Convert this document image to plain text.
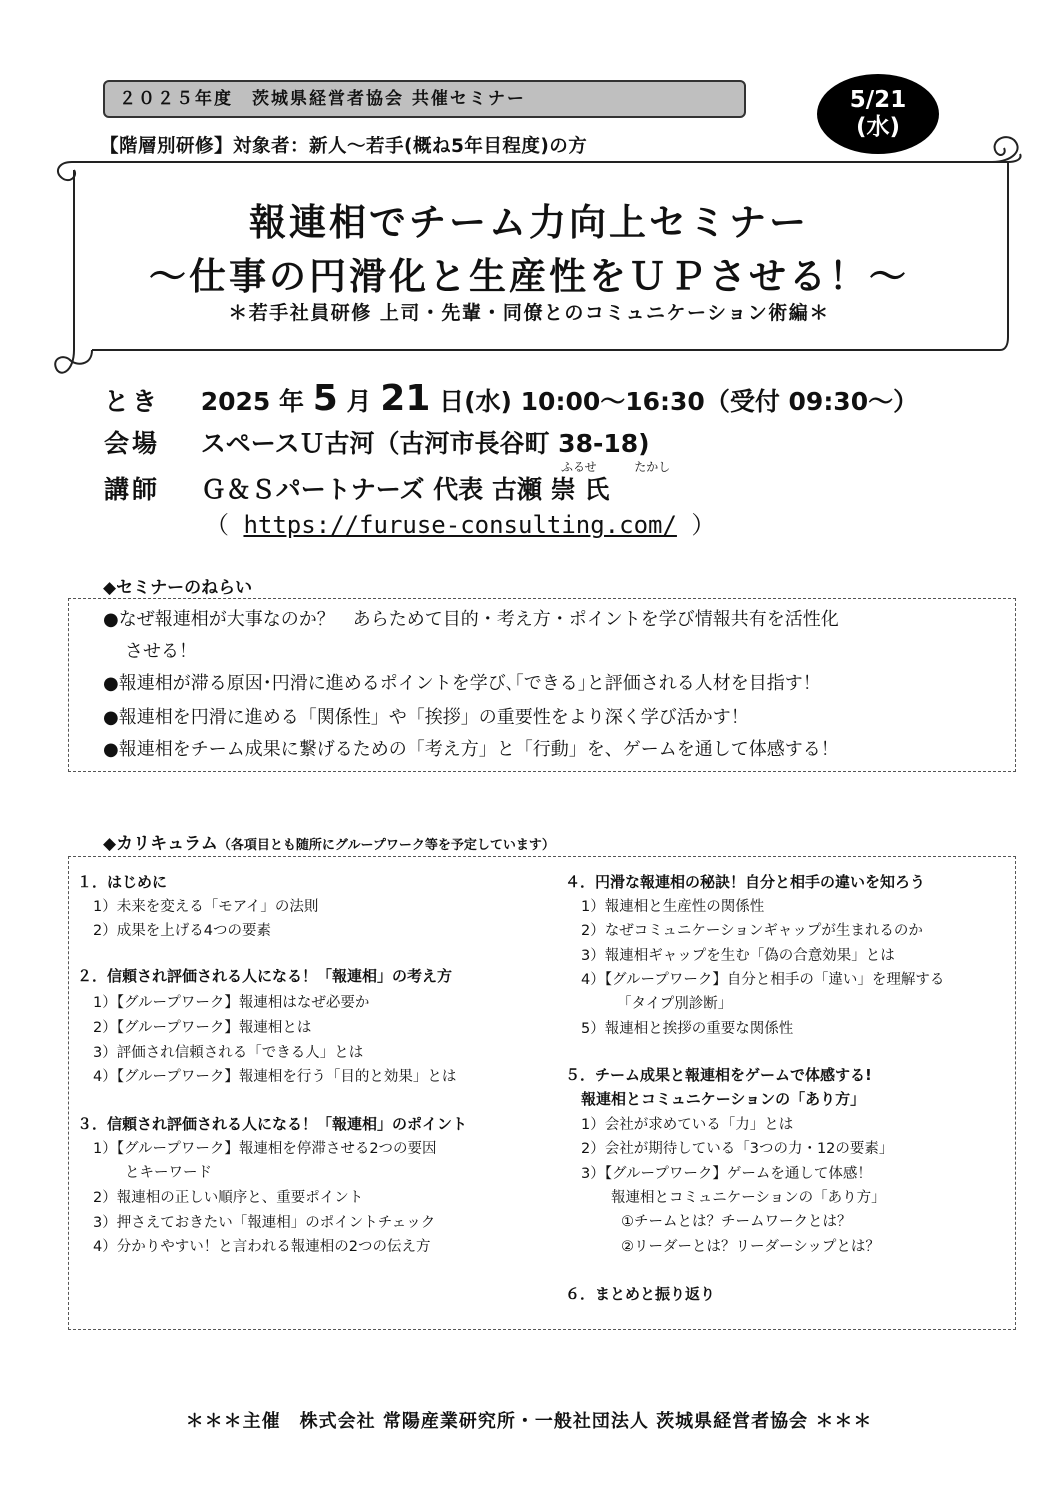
２０２５年度　茨城県経営者協会 共催セミナー	5/21
(水)
【階層別研修】対象者：新人～若手(概ね5年目程度)の方
報連相でチーム力向上セミナー
～仕事の円滑化と生産性をＵＰさせる！～
＊若手社員研修 上司・先輩・同僚とのコミュニケーション術編＊
とき 2025 年 5 月 21 日(水) 10:00～16:30（受付 09:30～）
会場 スペースＵ古河（古河市長谷町 38-18)
ふるせ	たかし
講師 Ｇ＆Ｓパートナーズ 代表 古瀬 崇 氏
（ https://furuse-consulting.com/ ）
◆セミナーのねらい
●なぜ報連相が大事なのか？　あらためて目的・考え方・ポイントを学び情報共有を活性化
させる！
●報連相が滞る原因･円滑に進めるポイントを学び､｢できる｣と評価される人材を目指す！
●報連相を円滑に進める「関係性」や「挨拶」の重要性をより深く学び活かす！
●報連相をチーム成果に繋げるための「考え方」と「行動」を、ゲームを通して体感する！
◆カリキュラム（各項目とも随所にグループワーク等を予定しています）
１．はじめに
1）未来を変える「モアイ」の法則
2）成果を上げる4つの要素
２．信頼され評価される人になる！「報連相」の考え方
1）【グループワーク】報連相はなぜ必要か
2）【グループワーク】報連相とは
3）評価され信頼される「できる人」とは
4）【グループワーク】報連相を行う「目的と効果」とは
３．信頼され評価される人になる！「報連相」のポイント
1）【グループワーク】報連相を停滞させる2つの要因
とキーワード
2）報連相の正しい順序と、重要ポイント
3）押さえておきたい「報連相」のポイントチェック
4）分かりやすい！と言われる報連相の2つの伝え方
４．円滑な報連相の秘訣！自分と相手の違いを知ろう
1）報連相と生産性の関係性
2）なぜコミュニケーションギャップが生まれるのか
3）報連相ギャップを生む「偽の合意効果」とは
4）【グループワーク】自分と相手の「違い」を理解する
「タイプ別診断」
5）報連相と挨拶の重要な関係性
５．チーム成果と報連相をゲームで体感する!
報連相とコミュニケーションの「あり方」
1）会社が求めている「力」とは
2）会社が期待している「3つの力・12の要素」
3）【グループワーク】ゲームを通して体感！
報連相とコミュニケーションの「あり方」
①チームとは？チームワークとは？
②リーダーとは？リーダーシップとは？
６．まとめと振り返り
＊＊＊主催　株式会社 常陽産業研究所・一般社団法人 茨城県経営者協会 ＊＊＊
